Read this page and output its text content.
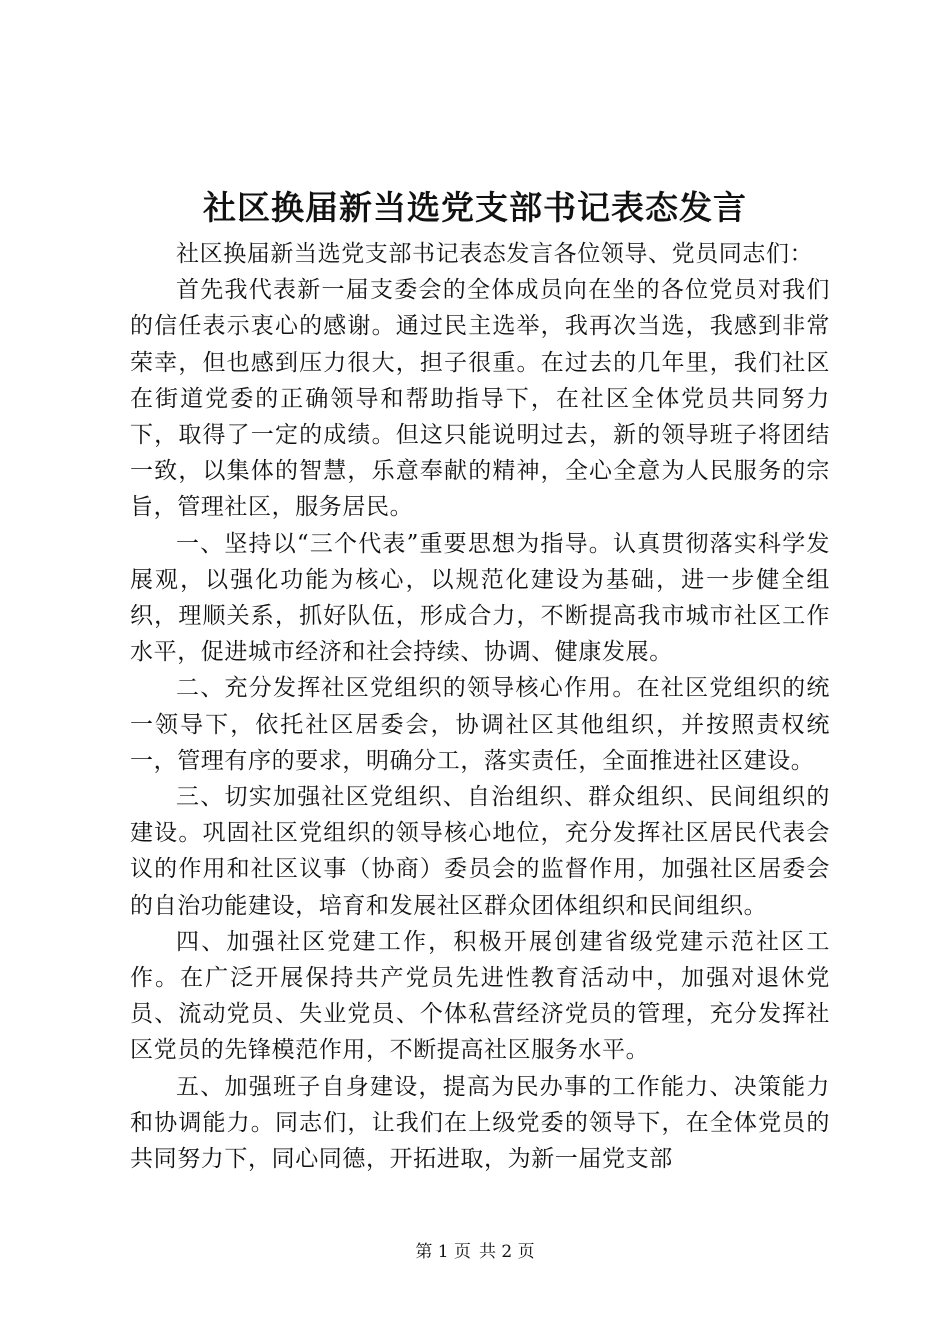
社区换届新当选党支部书记表态发言

社区换届新当选党支部书记表态发言各位领导、党员同志们：

首先我代表新一届支委会的全体成员向在坐的各位党员对我们的信任表示衷心的感谢。通过民主选举，我再次当选，我感到非常荣幸，但也感到压力很大，担子很重。在过去的几年里，我们社区在街道党委的正确领导和帮助指导下，在社区全体党员共同努力下，取得了一定的成绩。但这只能说明过去，新的领导班子将团结一致，以集体的智慧，乐意奉献的精神，全心全意为人民服务的宗旨，管理社区，服务居民。

一、坚持以“三个代表”重要思想为指导。认真贯彻落实科学发展观，以强化功能为核心，以规范化建设为基础，进一步健全组织，理顺关系，抓好队伍，形成合力，不断提高我市城市社区工作水平，促进城市经济和社会持续、协调、健康发展。

二、充分发挥社区党组织的领导核心作用。在社区党组织的统一领导下，依托社区居委会，协调社区其他组织，并按照责权统一，管理有序的要求，明确分工，落实责任，全面推进社区建设。

三、切实加强社区党组织、自治组织、群众组织、民间组织的建设。巩固社区党组织的领导核心地位，充分发挥社区居民代表会议的作用和社区议事（协商）委员会的监督作用，加强社区居委会的自治功能建设，培育和发展社区群众团体组织和民间组织。

四、加强社区党建工作，积极开展创建省级党建示范社区工作。在广泛开展保持共产党员先进性教育活动中，加强对退休党员、流动党员、失业党员、个体私营经济党员的管理，充分发挥社区党员的先锋模范作用，不断提高社区服务水平。

五、加强班子自身建设，提高为民办事的工作能力、决策能力和协调能力。同志们，让我们在上级党委的领导下，在全体党员的共同努力下，同心同德，开拓进取，为新一届党支部

第 1 页 共 2 页
